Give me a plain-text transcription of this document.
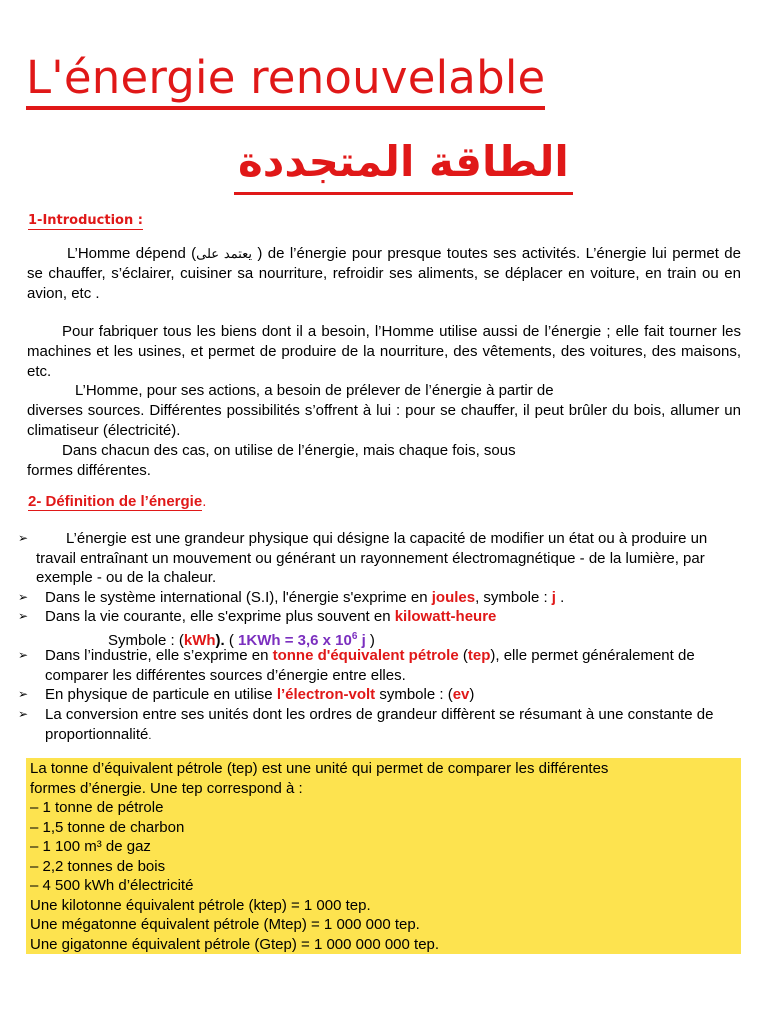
L'énergie renouvelable
الطاقة المتجددة
1-Introduction :
L’Homme dépend (يعتمد على ) de l’énergie pour presque toutes ses activités. L’énergie lui permet de se chauffer, s’éclairer, cuisiner sa nourriture, refroidir ses aliments, se déplacer en voiture, en train ou en avion, etc .
Pour fabriquer tous les biens dont il a besoin, l’Homme utilise aussi de l’énergie ; elle fait tourner les machines et les usines, et permet de produire de la nourriture, des vêtements, des voitures, des maisons, etc.
L’Homme, pour ses actions, a besoin de prélever de l’énergie à partir de
diverses sources. Différentes possibilités s’offrent à lui : pour se chauffer, il peut brûler du bois, allumer un climatiseur (électricité).
Dans chacun des cas, on utilise de l’énergie, mais chaque fois, sous
formes différentes.
2- Définition de l’énergie.
➢	L’énergie est une grandeur physique qui désigne la capacité de modifier un état ou à produire un travail entraînant un mouvement ou générant un rayonnement électromagnétique - de la lumière, par exemple - ou de la chaleur.
➢ Dans le système international (S.I), l'énergie s'exprime en joules, symbole : j .
➢ Dans la vie courante, elle s'exprime plus souvent en kilowatt-heure
Symbole : (kWh). ( 1KWh = 3,6 x $10^6$ j )
➢ Dans l’industrie, elle s’exprime en tonne d'équivalent pétrole (tep), elle permet généralement de comparer les différentes sources d’énergie entre elles.
➢ En physique de particule en utilise l’électron-volt symbole : (ev)
➢ La conversion entre ses unités dont les ordres de grandeur diffèrent se résumant à une constante de proportionnalité.
La tonne d’équivalent pétrole (tep) est une unité qui permet de comparer les différentes
formes d’énergie. Une tep correspond à :
– 1 tonne de pétrole
– 1,5 tonne de charbon
– 1 100 m³ de gaz
– 2,2 tonnes de bois
– 4 500 kWh d’électricité
Une kilotonne équivalent pétrole (ktep) = 1 000 tep.
Une mégatonne équivalent pétrole (Mtep) = 1 000 000 tep.
Une gigatonne équivalent pétrole (Gtep) = 1 000 000 000 tep.
